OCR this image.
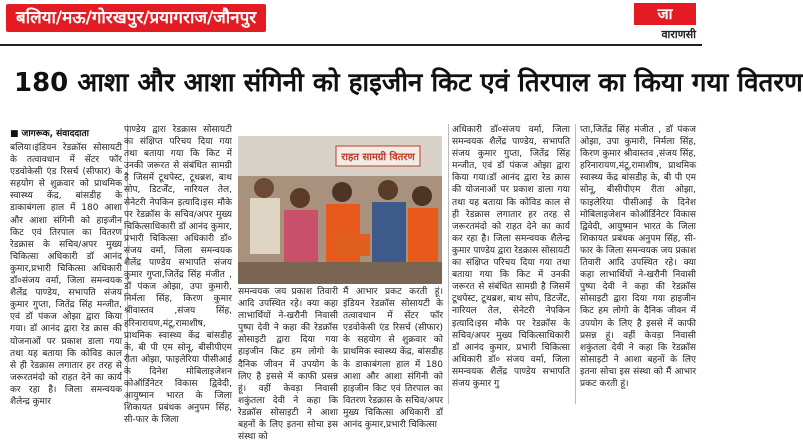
बलिया/मऊ/गोरखपुर/प्रयागराज/जौनपुर	जा
वाराणसी
180 आशा और आशा संगिनी को हाइजीन किट एवं तिरपाल का किया गया वितरण
■ जागरूक, संवाददाता
बलिया।इंडियन रेडक्रॉस सोसायटी के तत्वावधान में सेंटर फॉर एडवोकेसी एंड रिसर्च (सीफार) के सहयोग से शुक्रवार को प्राथमिक स्वास्थ्य केंद्र, बांसडीह के डाकाबंगला हाल में 180 आशा और आशा संगिनी को हाइजीन किट एवं तिरपाल का वितरण रेडक्रास के सचिव/अपर मुख्य चिकित्सा अधिकारी डॉ आनंद कुमार,प्रभारी चिकित्सा अधिकारी डॉ०संजय वर्मा, जिला समन्वयक शैलेंद्र पाण्डेय, सभापति संजय कुमार गुप्ता, जितेंद्र सिंह मन्जीत, एवं डॉ पंकज ओझा द्वारा किया गया। डॉ आनंद द्वारा रेड क्रास की योजनाओं पर प्रकाश डाला गया तथा यह बताया कि कोविड काल से ही रेडक्रास लगातार हर तरह से जरूरतमंदो को राहत देने का कार्य कर रहा है। जिला समन्वयक शैलेन्द्र कुमार
पाण्डेय द्वारा रेडक्रास सोसायटी का संक्षिप्त परिचय दिया गया तथा बताया गया कि किट में उनकी जरूरत से संबंधित सामग्री है जिसमें टूथपेस्ट, टूथब्रश, बाथ सोप, डिटर्जेंट, नारियल तेल, सेनेटरी नेपकिन इत्यादि।इस मौके पर रेडक्रॉस के सचिव/अपर मुख्य चिकित्साधिकारी डॉ आनंद कुमार, प्रभारी चिकित्सा अधिकारी डॉ० संजय वर्मा, जिला समन्वयक शैलेंद्र पाण्डेय सभापति संजय कुमार गुप्ता,जितेंद्र सिंह मंजीत , डॉ पंकज ओझा, उपा कुमारी, निर्मला सिंह, किरण कुमार श्रीवास्तव ,संजय सिंह, हरिनारायण,मंटू,रामाशीष, प्राथमिक स्वास्थ्य केंद्र बांसडीह के, बी पी एम सोनू, बीसीपीएम रीता ओझा, फाइलेरिया पीसीआई के दिनेश मोबिलाइजेशन कोऑर्डिनेटर विकास द्विवेदी, आयुष्मान भारत के जिला शिकायत प्रबंधक अनुपम सिंह, सी-फार के जिला
राहत सामग्री वितरण
समन्वयक जय प्रकाश तिवारी आदि उपस्थित रहे। क्या कहा लाभार्थियों ने-खरौनी निवासी पुष्पा देवी ने कहा की रेडक्रॉस सोसाइटी द्वारा दिया गया हाइजीन किट हम लोगो के दैनिक जीवन में उपयोग के लिए है इससे में काफी प्रसन्न हूं। वहीं केवड़ा निवासी शकुंतला देवी ने कहा कि रेडक्रॉस सोसाइटी ने आशा बहनों के लिए इतना सोचा इस संस्था को
मैं आभार प्रकट करती हूं।इंडियन रेडक्रॉस सोसायटी के तत्वावधान में सेंटर फॉर एडवोकेसी एंड रिसर्च (सीफार) के सहयोग से शुक्रवार को प्राथमिक स्वास्थ्य केंद्र, बांसडीह के डाकाबंगला हाल में 180 आशा और आशा संगिनी को हाइजीन किट एवं तिरपाल का वितरण रेडक्रास के सचिव/अपर मुख्य चिकित्सा अधिकारी डॉ आनंद कुमार,प्रभारी चिकित्सा
अधिकारी डॉ०संजय वर्मा, जिला समन्वयक शैलेंद्र पाण्डेय, सभापति संजय कुमार गुप्ता, जितेंद्र सिंह मन्जीत, एवं डॉ पंकज ओझा द्वारा किया गया।डॉ आनंद द्वारा रेड क्रास की योजनाओं पर प्रकाश डाला गया तथा यह बताया कि कोविड काल से ही रेडक्रास लगातार हर तरह से जरूरतमंदो को राहत देने का कार्य कर रहा है। जिला समन्वयक शैलेन्द्र कुमार पाण्डेय द्वारा रेडक्रास सोसायटी का संक्षिप्त परिचय दिया गया तथा बताया गया कि किट में उनकी जरूरत से संबंधित सामग्री है जिसमें टूथपेस्ट, टूथब्रश, बाथ सोप, डिटर्जेंट, नारियल तेल, सेनेटरी नेपकिन इत्यादि।इस मौके पर रेडक्रॉस के सचिव/अपर मुख्य चिकित्साधिकारी डॉ आनंद कुमार, प्रभारी चिकित्सा अधिकारी डॉ० संजय वर्मा, जिला समन्वयक शैलेंद्र पाण्डेय सभापति संजय कुमार गु
प्ता,जितेंद्र सिंह मंजीत , डॉ पंकज ओझा, उपा कुमारी, निर्मला सिंह, किरण कुमार श्रीवास्तव ,संजय सिंह, हरिनारायण,मंटू,रामाशीष, प्राथमिक स्वास्थ्य केंद्र बांसडीह के, बी पी एम सोनू, बीसीपीएम रीता ओझा, फाइलेरिया पीसीआई के दिनेश मोबिलाइजेशन कोऑर्डिनेटर विकास द्विवेदी, आयुष्मान भारत के जिला शिकायत प्रबंधक अनुपम सिंह, सी-फार के जिला समन्वयक जय प्रकाश तिवारी आदि उपस्थित रहे। क्या कहा लाभार्थियों ने-खरौनी निवासी पुष्पा देवी ने कहा की रेडक्रॉस सोसाइटी द्वारा दिया गया हाइजीन किट हम लोगो के दैनिक जीवन में उपयोग के लिए है इससे में काफी प्रसन्न हूं। वहीं केवड़ा निवासी शकुंतला देवी ने कहा कि रेडक्रॉस सोसाइटी ने आशा बहनों के लिए इतना सोचा इस संस्था को मैं आभार प्रकट करती हूं।
